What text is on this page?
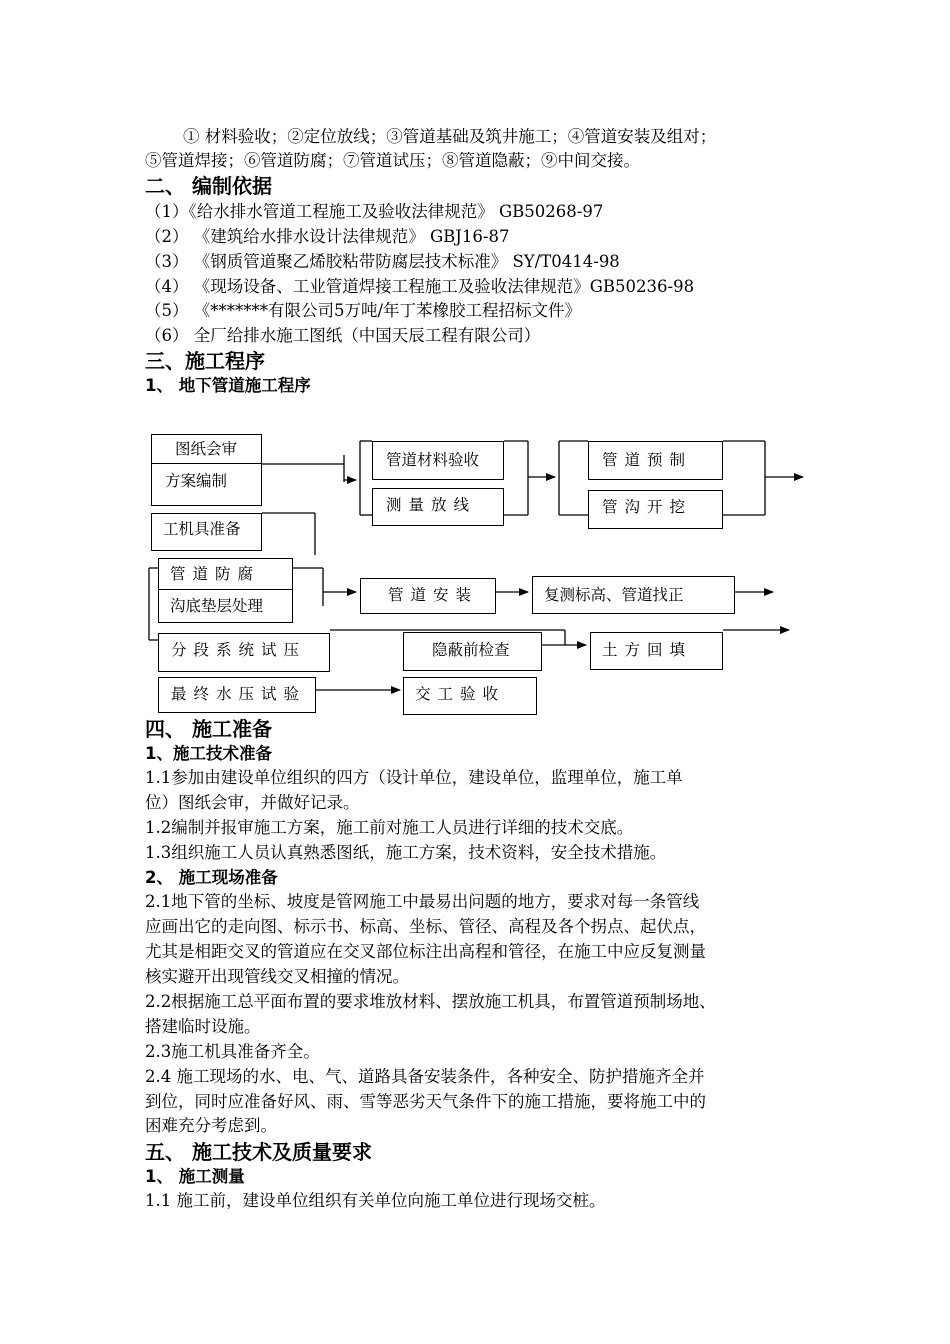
① 材料验收；②定位放线；③管道基础及筑井施工；④管道安装及组对；
⑤管道焊接；⑥管道防腐；⑦管道试压；⑧管道隐蔽；⑨中间交接。
二、 编制依据
（1）《给水排水管道工程施工及验收法律规范》 GB50268-97
（2） 《建筑给水排水设计法律规范》 GBJ16-87
（3） 《钢质管道聚乙烯胶粘带防腐层技术标准》 SY/T0414-98
（4） 《现场设备、工业管道焊接工程施工及验收法律规范》GB50236-98
（5） 《*******有限公司5万吨/年丁苯橡胶工程招标文件》
（6） 全厂给排水施工图纸（中国天辰工程有限公司）
三、施工程序
1、 地下管道施工程序
图纸会审
方案编制
工机具准备
管道材料验收
测量放线
管道预制
管沟开挖
管道防腐
沟底垫层处理
管道安装	复测标高、管道找正
分段系统试压	隐蔽前检查	土方回填
最终水压试验	交工验收
四、 施工准备
1、施工技术准备
1.1参加由建设单位组织的四方（设计单位，建设单位，监理单位，施工单
位）图纸会审，并做好记录。
1.2编制并报审施工方案，施工前对施工人员进行详细的技术交底。
1.3组织施工人员认真熟悉图纸，施工方案，技术资料，安全技术措施。
2、 施工现场准备
2.1地下管的坐标、坡度是管网施工中最易出问题的地方，要求对每一条管线
应画出它的走向图、标示书、标高、坐标、管径、高程及各个拐点、起伏点，
尤其是相距交叉的管道应在交叉部位标注出高程和管径，在施工中应反复测量
核实避开出现管线交叉相撞的情况。
2.2根据施工总平面布置的要求堆放材料、摆放施工机具，布置管道预制场地、
搭建临时设施。
2.3施工机具准备齐全。
2.4 施工现场的水、电、气、道路具备安装条件，各种安全、防护措施齐全并
到位，同时应准备好风、雨、雪等恶劣天气条件下的施工措施，要将施工中的
困难充分考虑到。
五、 施工技术及质量要求
1、 施工测量
1.1 施工前，建设单位组织有关单位向施工单位进行现场交桩。
